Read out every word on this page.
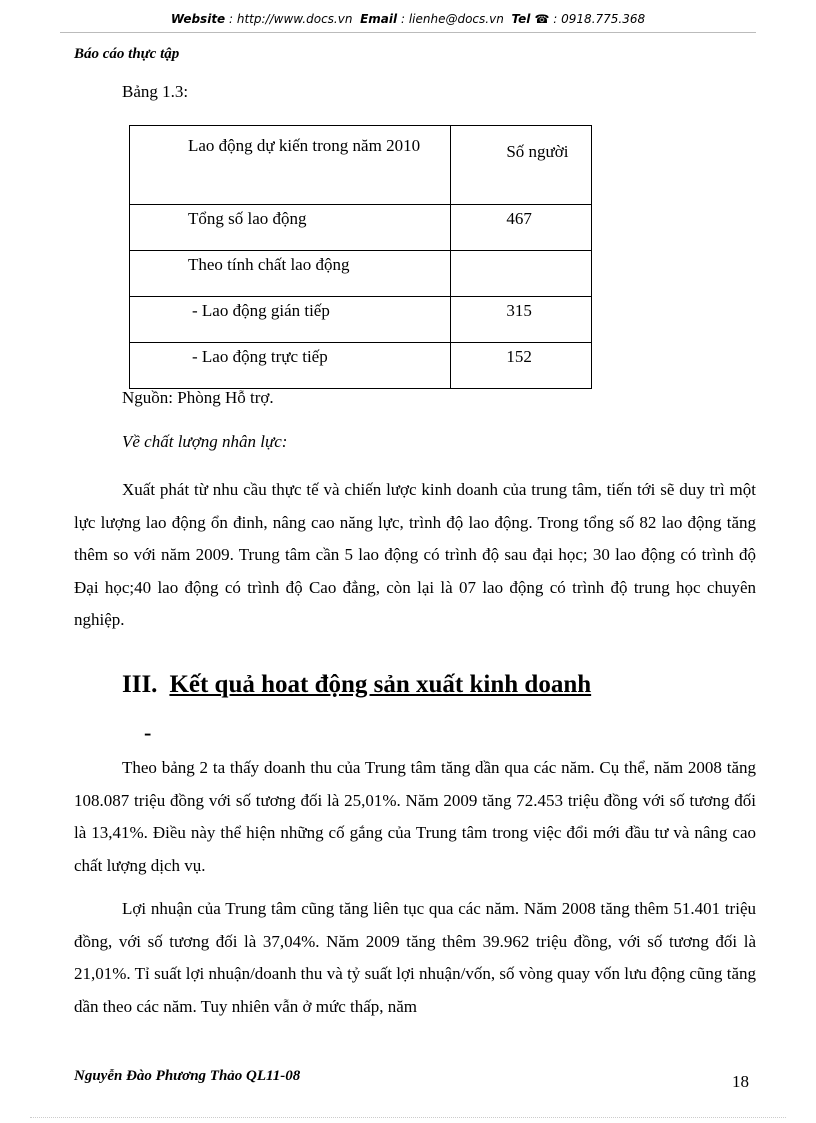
Website : http://www.docs.vn Email : lienhe@docs.vn Tel ☎ : 0918.775.368
Báo cáo thực tập
Bảng 1.3:
Lao động dự kiến trong năm 2010	Số người

Tổng số lao động	467

Theo tính chất lao động	

- Lao động gián tiếp	315

- Lao động trực tiếp	152
Nguồn: Phòng Hỗ trợ.
Về chất lượng nhân lực:

Xuất phát từ nhu cầu thực tế và chiến lược kinh doanh của trung tâm, tiến tới sẽ duy trì một lực lượng lao động ổn đinh, nâng cao năng lực, trình độ lao động. Trong tổng số 82 lao động tăng thêm so với năm 2009. Trung tâm cần 5 lao động có trình độ sau đại học; 30 lao động có trình độ Đại học;40 lao động có trình độ Cao đẳng, còn lại là 07 lao động có trình độ trung học chuyên nghiệp.

III. Kết quả hoat động sản xuất kinh doanh
-

Theo bảng 2 ta thấy doanh thu của Trung tâm tăng dần qua các năm. Cụ thể, năm 2008 tăng 108.087 triệu đồng với số tương đối là 25,01%. Năm 2009 tăng 72.453 triệu đồng với số tương đối là 13,41%. Điều này thể hiện những cố gắng của Trung tâm trong việc đổi mới đầu tư và nâng cao chất lượng dịch vụ.

Lợi nhuận của Trung tâm cũng tăng liên tục qua các năm. Năm 2008 tăng thêm 51.401 triệu đồng, với số tương đối là 37,04%. Năm 2009 tăng thêm 39.962 triệu đồng, với số tương đối là 21,01%. Tỉ suất lợi nhuận/doanh thu và tỷ suất lợi nhuận/vốn, số vòng quay vốn lưu động cũng tăng dần theo các năm. Tuy nhiên vẫn ở mức thấp, năm

Nguyễn Đào Phương Thảo QL11-08	18
